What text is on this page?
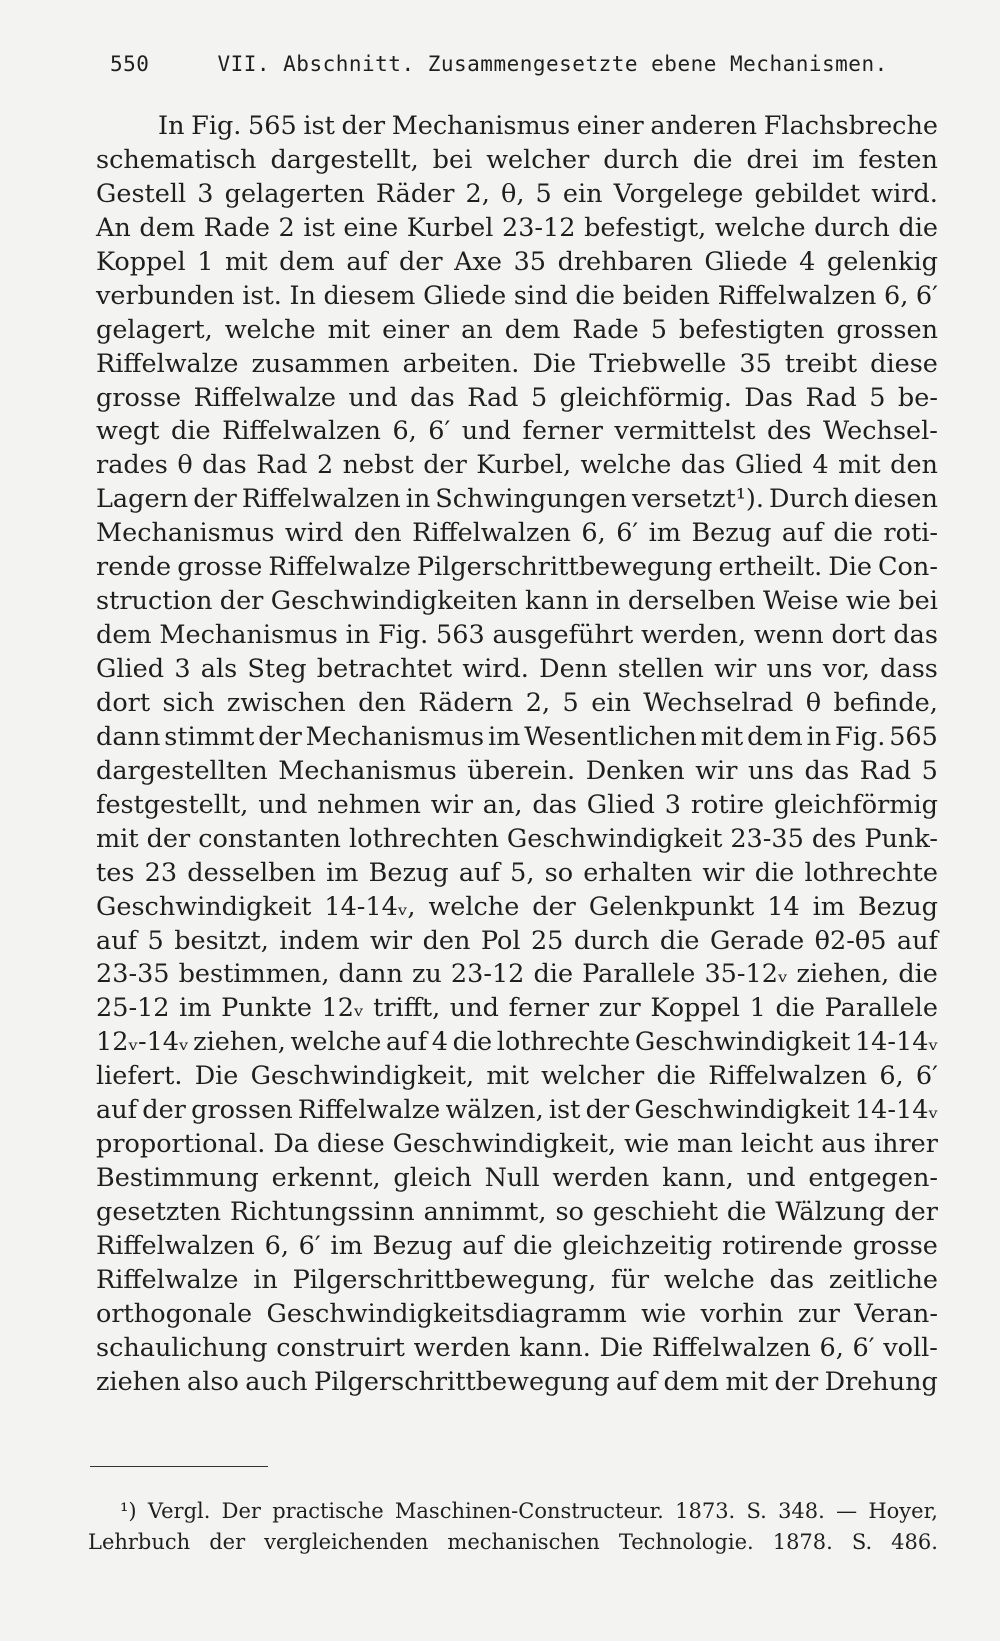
550	VII. Abschnitt. Zusammengesetzte ebene Mechanismen.
In Fig. 565 ist der Mechanismus einer anderen Flachsbreche
schematisch dargestellt, bei welcher durch die drei im festen
Gestell 3 gelagerten Räder 2, θ, 5 ein Vorgelege gebildet wird.
An dem Rade 2 ist eine Kurbel 23-12 befestigt, welche durch die
Koppel 1 mit dem auf der Axe 35 drehbaren Gliede 4 gelenkig
verbunden ist. In diesem Gliede sind die beiden Riffelwalzen 6, 6′
gelagert, welche mit einer an dem Rade 5 befestigten grossen
Riffelwalze zusammen arbeiten. Die Triebwelle 35 treibt diese
grosse Riffelwalze und das Rad 5 gleichförmig. Das Rad 5 be-
wegt die Riffelwalzen 6, 6′ und ferner vermittelst des Wechsel-
rades θ das Rad 2 nebst der Kurbel, welche das Glied 4 mit den
Lagern der Riffelwalzen in Schwingungen versetzt¹). Durch diesen
Mechanismus wird den Riffelwalzen 6, 6′ im Bezug auf die roti-
rende grosse Riffelwalze Pilgerschrittbewegung ertheilt. Die Con-
struction der Geschwindigkeiten kann in derselben Weise wie bei
dem Mechanismus in Fig. 563 ausgeführt werden, wenn dort das
Glied 3 als Steg betrachtet wird. Denn stellen wir uns vor, dass
dort sich zwischen den Rädern 2, 5 ein Wechselrad θ befinde,
dann stimmt der Mechanismus im Wesentlichen mit dem in Fig. 565
dargestellten Mechanismus überein. Denken wir uns das Rad 5
festgestellt, und nehmen wir an, das Glied 3 rotire gleichförmig
mit der constanten lothrechten Geschwindigkeit 23-35 des Punk-
tes 23 desselben im Bezug auf 5, so erhalten wir die lothrechte
Geschwindigkeit 14-14ᵥ, welche der Gelenkpunkt 14 im Bezug
auf 5 besitzt, indem wir den Pol 25 durch die Gerade θ2-θ5 auf
23-35 bestimmen, dann zu 23-12 die Parallele 35-12ᵥ ziehen, die
25-12 im Punkte 12ᵥ trifft, und ferner zur Koppel 1 die Parallele
12ᵥ-14ᵥ ziehen, welche auf 4 die lothrechte Geschwindigkeit 14-14ᵥ
liefert. Die Geschwindigkeit, mit welcher die Riffelwalzen 6, 6′
auf der grossen Riffelwalze wälzen, ist der Geschwindigkeit 14-14ᵥ
proportional. Da diese Geschwindigkeit, wie man leicht aus ihrer
Bestimmung erkennt, gleich Null werden kann, und entgegen-
gesetzten Richtungssinn annimmt, so geschieht die Wälzung der
Riffelwalzen 6, 6′ im Bezug auf die gleichzeitig rotirende grosse
Riffelwalze in Pilgerschrittbewegung, für welche das zeitliche
orthogonale Geschwindigkeitsdiagramm wie vorhin zur Veran-
schaulichung construirt werden kann. Die Riffelwalzen 6, 6′ voll-
ziehen also auch Pilgerschrittbewegung auf dem mit der Drehung
¹) Vergl. Der practische Maschinen-Constructeur. 1873. S. 348. — Hoyer,
Lehrbuch der vergleichenden mechanischen Technologie. 1878. S. 486.
